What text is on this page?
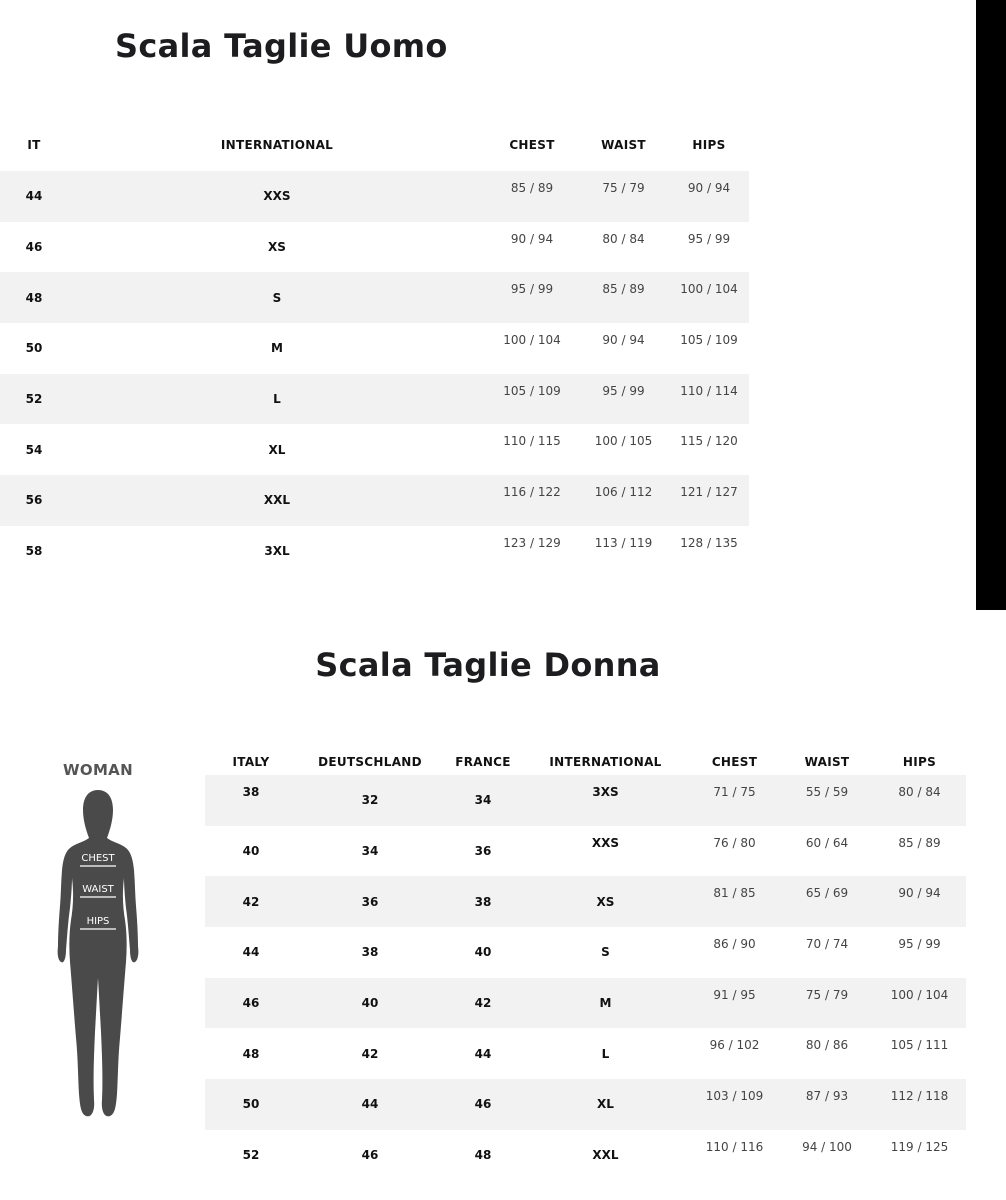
Scala Taglie Uomo
IT	INTERNATIONAL	CHEST	WAIST	HIPS
44	XXS	85 / 89	75 / 79	90 / 94
46	XS	90 / 94	80 / 84	95 / 99
48	S	95 / 99	85 / 89	100 / 104
50	M	100 / 104	90 / 94	105 / 109
52	L	105 / 109	95 / 99	110 / 114
54	XL	110 / 115	100 / 105	115 / 120
56	XXL	116 / 122	106 / 112	121 / 127
58	3XL	123 / 129	113 / 119	128 / 135
Scala Taglie Donna
WOMAN
CHEST
WAIST
HIPS
ITALY	DEUTSCHLAND	FRANCE	INTERNATIONAL	CHEST	WAIST	HIPS
38	32	34	3XS	71 / 75	55 / 59	80 / 84
40	34	36	XXS	76 / 80	60 / 64	85 / 89
42	36	38	XS	81 / 85	65 / 69	90 / 94
44	38	40	S	86 / 90	70 / 74	95 / 99
46	40	42	M	91 / 95	75 / 79	100 / 104
48	42	44	L	96 / 102	80 / 86	105 / 111
50	44	46	XL	103 / 109	87 / 93	112 / 118
52	46	48	XXL	110 / 116	94 / 100	119 / 125
